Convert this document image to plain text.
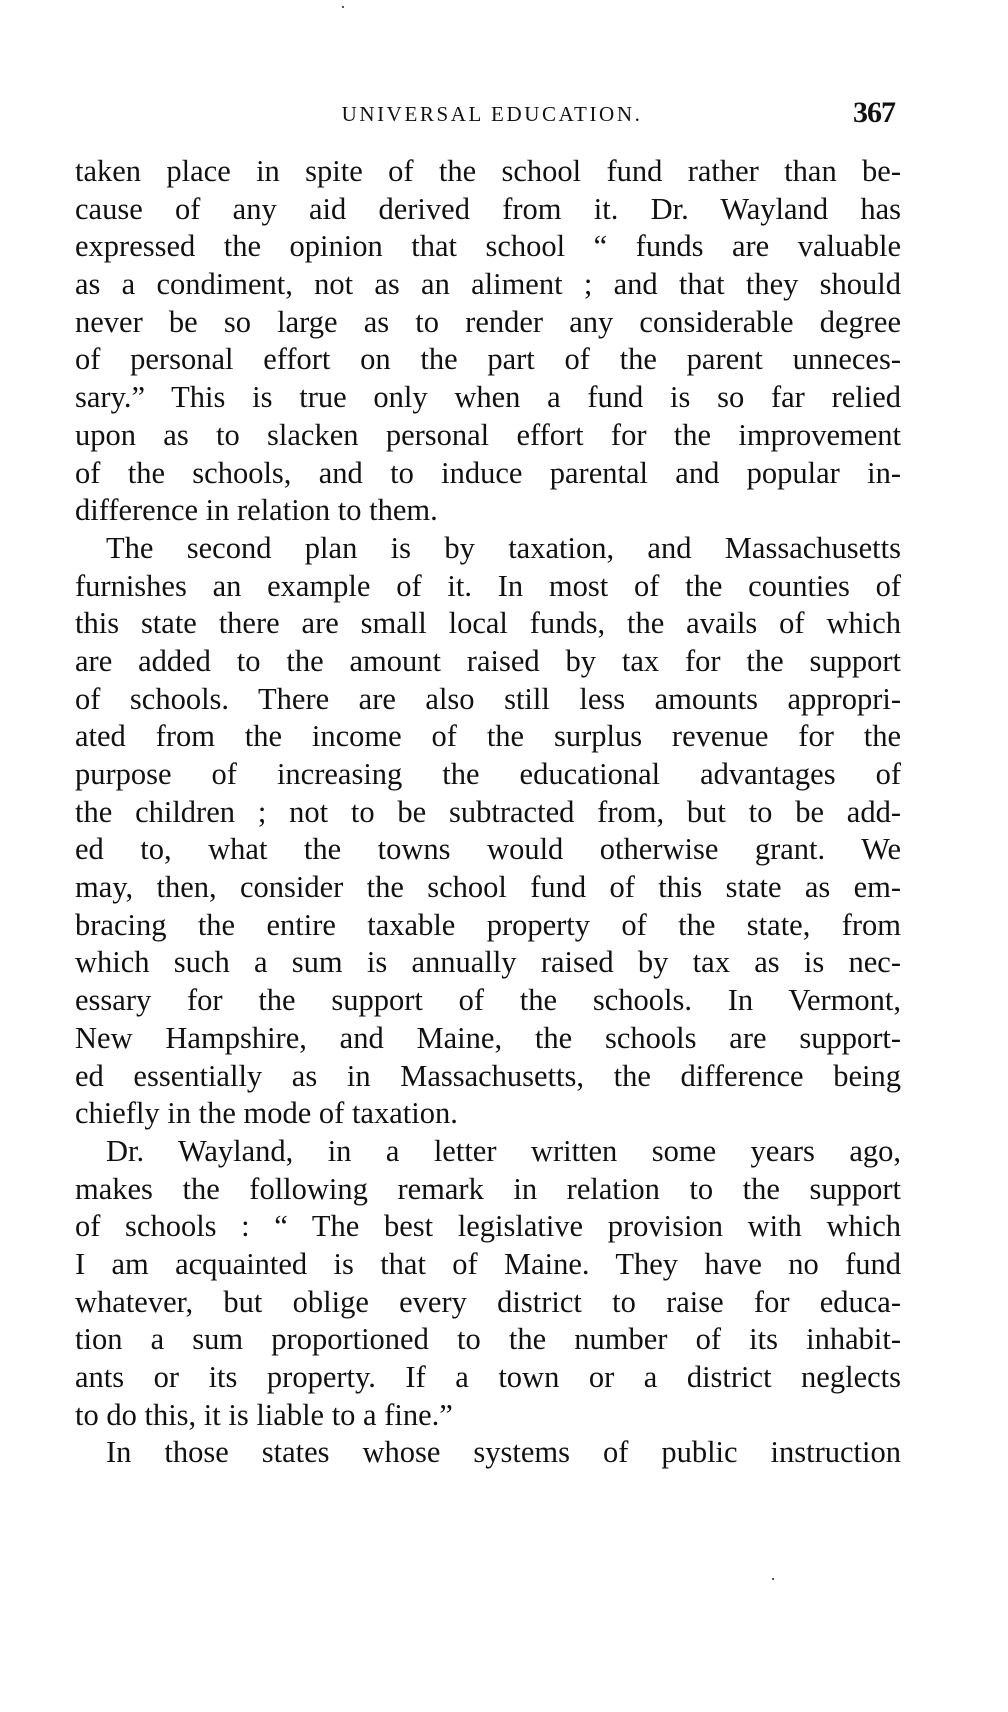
UNIVERSAL EDUCATION.	367
taken place in spite of the school fund rather than be-
cause of any aid derived from it. Dr. Wayland has
expressed the opinion that school “ funds are valuable
as a condiment, not as an aliment ; and that they should
never be so large as to render any considerable degree
of personal effort on the part of the parent unneces-
sary.” This is true only when a fund is so far relied
upon as to slacken personal effort for the improvement
of the schools, and to induce parental and popular in-
difference in relation to them.
The second plan is by taxation, and Massachusetts
furnishes an example of it. In most of the counties of
this state there are small local funds, the avails of which
are added to the amount raised by tax for the support
of schools. There are also still less amounts appropri-
ated from the income of the surplus revenue for the
purpose of increasing the educational advantages of
the children ; not to be subtracted from, but to be add-
ed to, what the towns would otherwise grant. We
may, then, consider the school fund of this state as em-
bracing the entire taxable property of the state, from
which such a sum is annually raised by tax as is nec-
essary for the support of the schools. In Vermont,
New Hampshire, and Maine, the schools are support-
ed essentially as in Massachusetts, the difference being
chiefly in the mode of taxation.
Dr. Wayland, in a letter written some years ago,
makes the following remark in relation to the support
of schools : “ The best legislative provision with which
I am acquainted is that of Maine. They have no fund
whatever, but oblige every district to raise for educa-
tion a sum proportioned to the number of its inhabit-
ants or its property. If a town or a district neglects
to do this, it is liable to a fine.”
In those states whose systems of public instruction
